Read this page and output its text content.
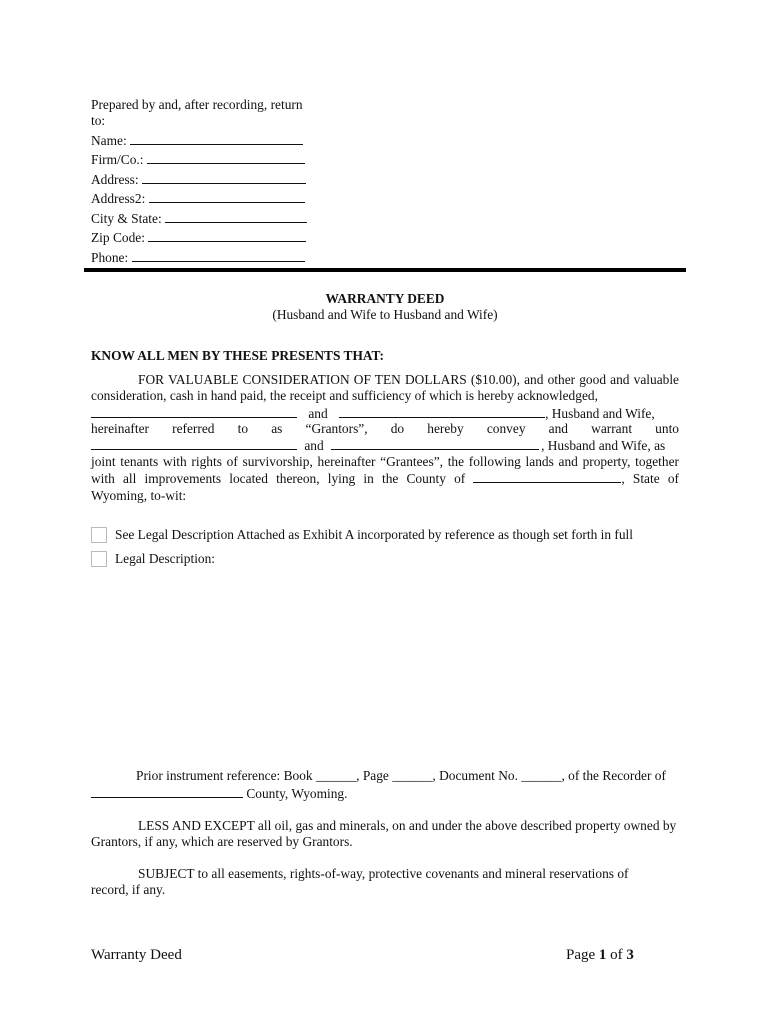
Prepared by and, after recording, return to:
Name:
Firm/Co.:
Address:
Address2:
City & State:
Zip Code:
Phone:
WARRANTY DEED
(Husband and Wife to Husband and Wife)
KNOW ALL MEN BY THESE PRESENTS THAT:
FOR VALUABLE CONSIDERATION OF TEN DOLLARS ($10.00), and other good and valuable consideration, cash in hand paid, the receipt and sufficiency of which is hereby acknowledged,
and	, Husband and Wife,
hereinafter referred to as “Grantors”, do hereby convey and warrant unto
and	, Husband and Wife, as
joint tenants with rights of survivorship, hereinafter “Grantees”, the following lands and property, together with all improvements located thereon, lying in the County of	, State of Wyoming, to-wit:
See Legal Description Attached as Exhibit A incorporated by reference as though set forth in full
Legal Description:
Prior instrument reference: Book ______, Page ______, Document No. ______, of the Recorder of
County, Wyoming.
LESS AND EXCEPT all oil, gas and minerals, on and under the above described property owned by Grantors, if any, which are reserved by Grantors.
SUBJECT to all easements, rights-of-way, protective covenants and mineral reservations of record, if any.
Warranty Deed	Page 1 of 3
